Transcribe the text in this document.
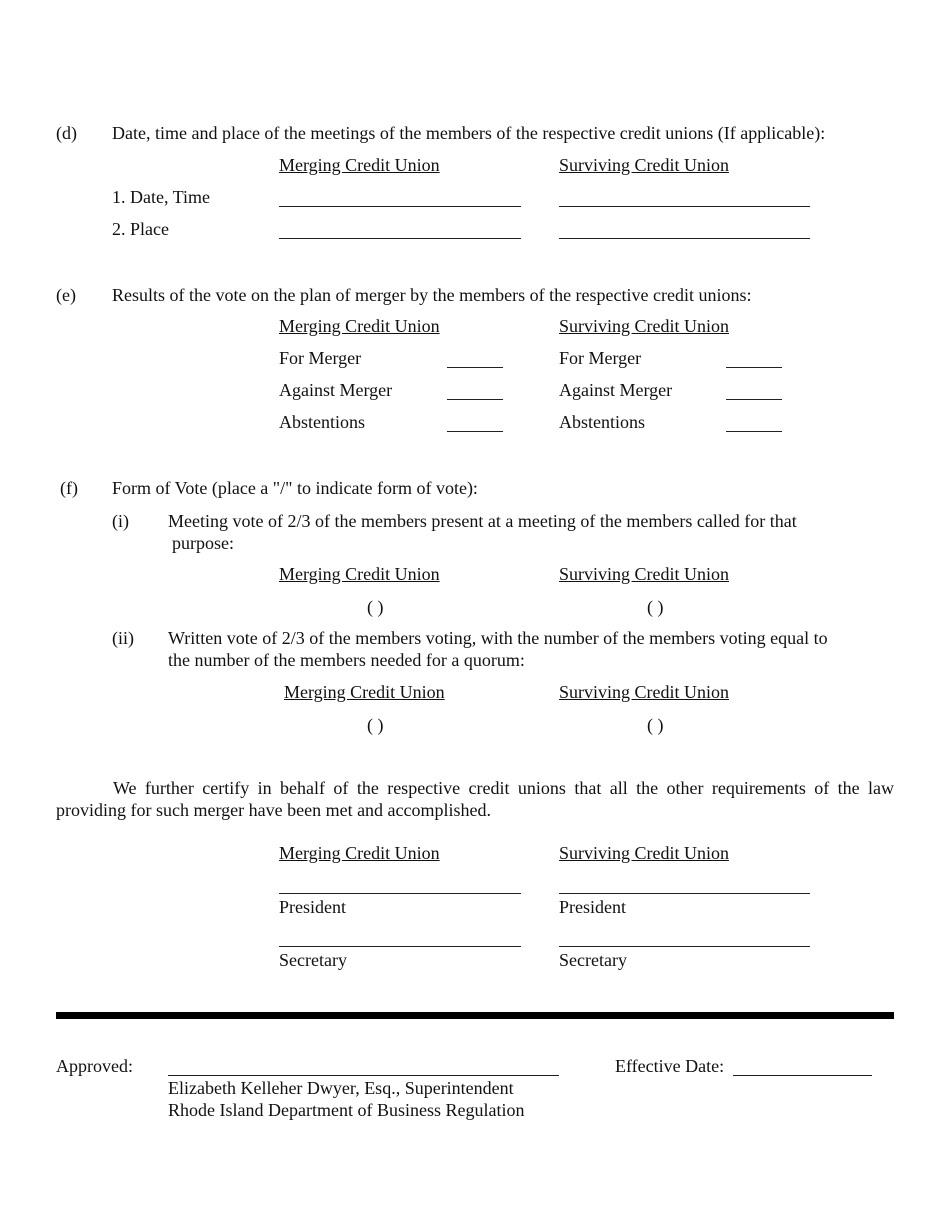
(d) Date, time and place of the meetings of the members of the respective credit unions (If applicable):
Merging Credit Union	Surviving Credit Union
1. Date, Time
2. Place
(e) Results of the vote on the plan of merger by the members of the respective credit unions:
Merging Credit Union	Surviving Credit Union
For Merger	For Merger
Against Merger	Against Merger
Abstentions	Abstentions
(f) Form of Vote (place a "/" to indicate form of vote):
(i) Meeting vote of 2/3 of the members present at a meeting of the members called for that
purpose:
Merging Credit Union	Surviving Credit Union
( )	( )
(ii) Written vote of 2/3 of the members voting, with the number of the members voting equal to
the number of the members needed for a quorum:
Merging Credit Union	Surviving Credit Union
( )	( )
We further certify in behalf of the respective credit unions that all the other requirements of the law providing for such merger have been met and accomplished.
Merging Credit Union	Surviving Credit Union
President	President
Secretary	Secretary
Approved:
Elizabeth Kelleher Dwyer, Esq., Superintendent
Rhode Island Department of Business Regulation
Effective Date:
